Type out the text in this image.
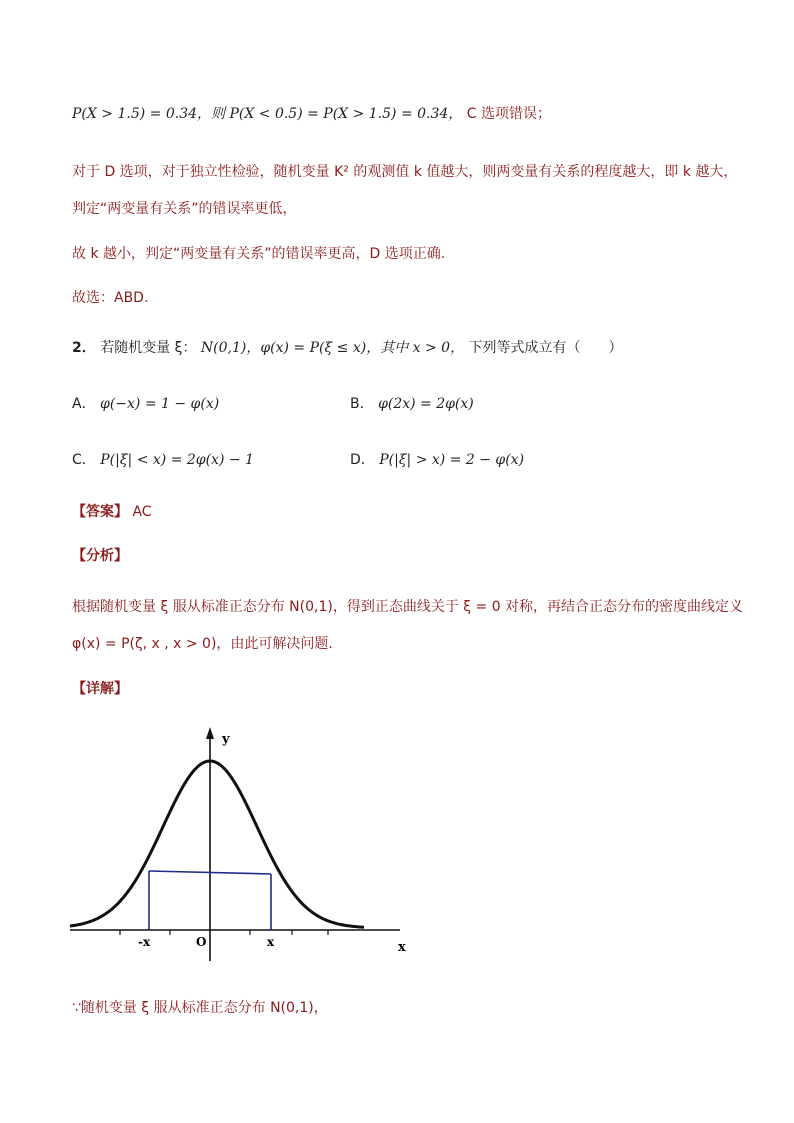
P(X > 1.5) = 0.34，则 P(X < 0.5) = P(X > 1.5) = 0.34， C 选项错误；
对于 D 选项，对于独立性检验，随机变量 K² 的观测值 k 值越大，则两变量有关系的程度越大，即 k 越大，
判定“两变量有关系”的错误率更低，
故 k 越小，判定“两变量有关系”的错误率更高，D 选项正确.
故选：ABD.
2． 若随机变量 ξ： N(0,1)，φ(x) = P(ξ ≤ x)，其中 x > 0， 下列等式成立有（　　）
A． φ(−x) = 1 − φ(x)	B． φ(2x) = 2φ(x)
C． P(|ξ| < x) = 2φ(x) − 1	D． P(|ξ| > x) = 2 − φ(x)
【答案】 AC
【分析】
根据随机变量 ξ 服从标准正态分布 N(0,1)，得到正态曲线关于 ξ = 0 对称，再结合正态分布的密度曲线定义
φ(x) = P(ζ, x , x > 0)，由此可解决问题.
【详解】
y
x
O
-x	x
∵随机变量 ξ 服从标准正态分布 N(0,1)，
